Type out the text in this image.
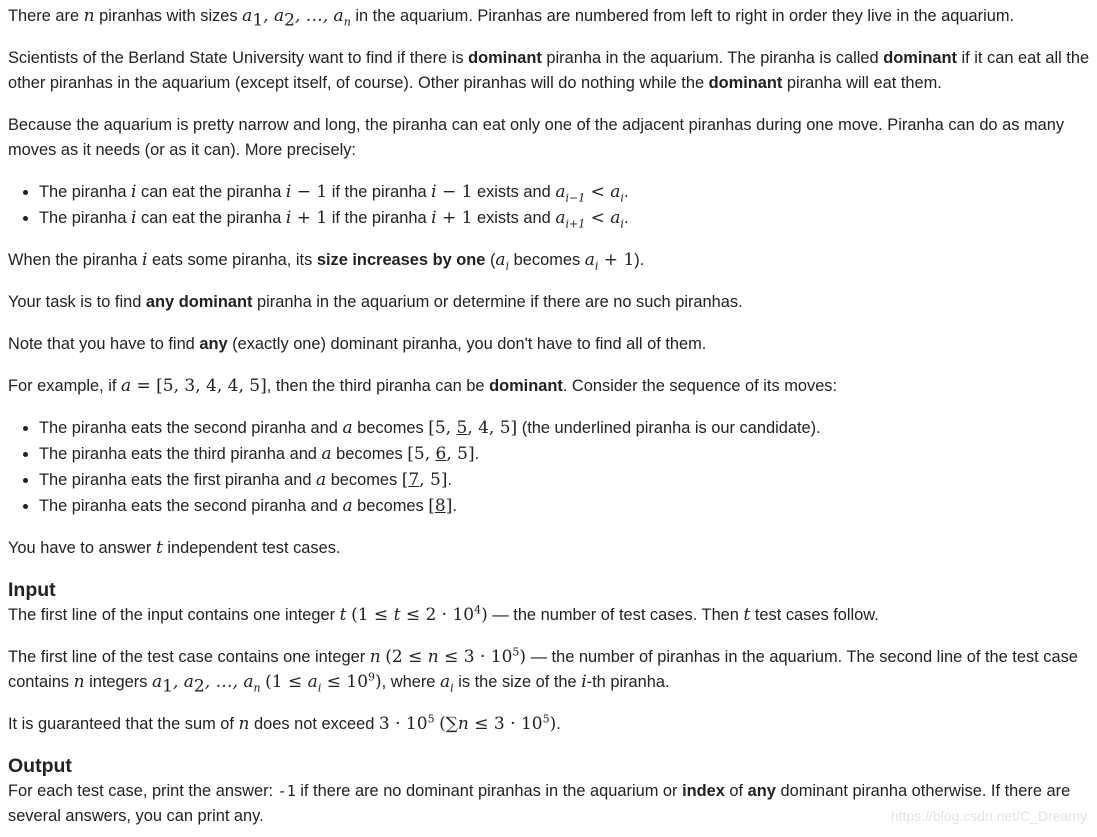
There are n piranhas with sizes $a_1$, $a_2$, …, $a_n$ in the aquarium. Piranhas are numbered from left to right in order they live in the aquarium.

Scientists of the Berland State University want to find if there is dominant piranha in the aquarium. The piranha is called dominant if it can eat all the other piranhas in the aquarium (except itself, of course). Other piranhas will do nothing while the dominant piranha will eat them.

Because the aquarium is pretty narrow and long, the piranha can eat only one of the adjacent piranhas during one move. Piranha can do as many moves as it needs (or as it can). More precisely:

• The piranha i can eat the piranha i − 1 if the piranha i − 1 exists and $a_{i-1} < a_i$.
• The piranha i can eat the piranha i + 1 if the piranha i + 1 exists and $a_{i+1} < a_i$.

When the piranha i eats some piranha, its size increases by one ($a_i$ becomes $a_i + 1$).

Your task is to find any dominant piranha in the aquarium or determine if there are no such piranhas.

Note that you have to find any (exactly one) dominant piranha, you don't have to find all of them.

For example, if a = [5, 3, 4, 4, 5], then the third piranha can be dominant. Consider the sequence of its moves:

• The piranha eats the second piranha and a becomes [5, 5, 4, 5] (the underlined piranha is our candidate).
• The piranha eats the third piranha and a becomes [5, 6, 5].
• The piranha eats the first piranha and a becomes [7, 5].
• The piranha eats the second piranha and a becomes [8].

You have to answer t independent test cases.

Input

The first line of the input contains one integer t $(1 \le t \le 2 \cdot 10^4)$ — the number of test cases. Then t test cases follow.

The first line of the test case contains one integer n $(2 \le n \le 3 \cdot 10^5)$ — the number of piranhas in the aquarium. The second line of the test case contains n integers $a_1$, $a_2$, …, $a_n$ $(1 \le a_i \le 10^9)$, where $a_i$ is the size of the i-th piranha.

It is guaranteed that the sum of n does not exceed $3 \cdot 10^5$ $(\sum n \le 3 \cdot 10^5)$.

Output

For each test case, print the answer: -1 if there are no dominant piranhas in the aquarium or index of any dominant piranha otherwise. If there are several answers, you can print any.	https://blog.csdn.net/C_Dreamy
